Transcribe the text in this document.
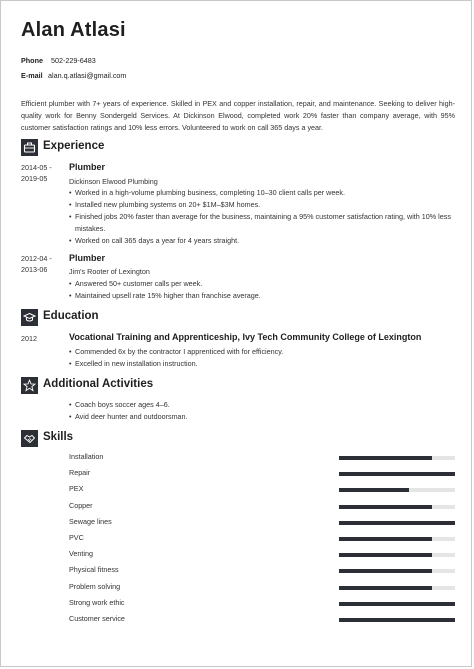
Alan Atlasi
Phone 502-229-6483
E-mail alan.q.atlasi@gmail.com
Efficient plumber with 7+ years of experience. Skilled in PEX and copper installation, repair, and maintenance. Seeking to deliver high-quality work for Benny Sondergeld Services. At Dickinson Elwood, completed work 20% faster than company average, with 95% customer satisfaction ratings and 10% less errors. Volunteered to work on call 365 days a year.
Experience
2014-05 -
2019-05
Plumber
Dickinson Elwood Plumbing
• Worked in a high-volume plumbing business, completing 10–30 client calls per week.
• Installed new plumbing systems on 20+ $1M–$3M homes.
• Finished jobs 20% faster than average for the business, maintaining a 95% customer satisfaction rating, with 10% less mistakes.
• Worked on call 365 days a year for 4 years straight.
2012-04 -
2013-06
Plumber
Jim's Rooter of Lexington
• Answered 50+ customer calls per week.
• Maintained upsell rate 15% higher than franchise average.
Education
2012	Vocational Training and Apprenticeship, Ivy Tech Community College of Lexington
• Commended 6x by the contractor I apprenticed with for efficiency.
• Excelled in new installation instruction.
Additional Activities
• Coach boys soccer ages 4–6.
• Avid deer hunter and outdoorsman.
Skills
Installation
Repair
PEX
Copper
Sewage lines
PVC
Venting
Physical fitness
Problem solving
Strong work ethic
Customer service
